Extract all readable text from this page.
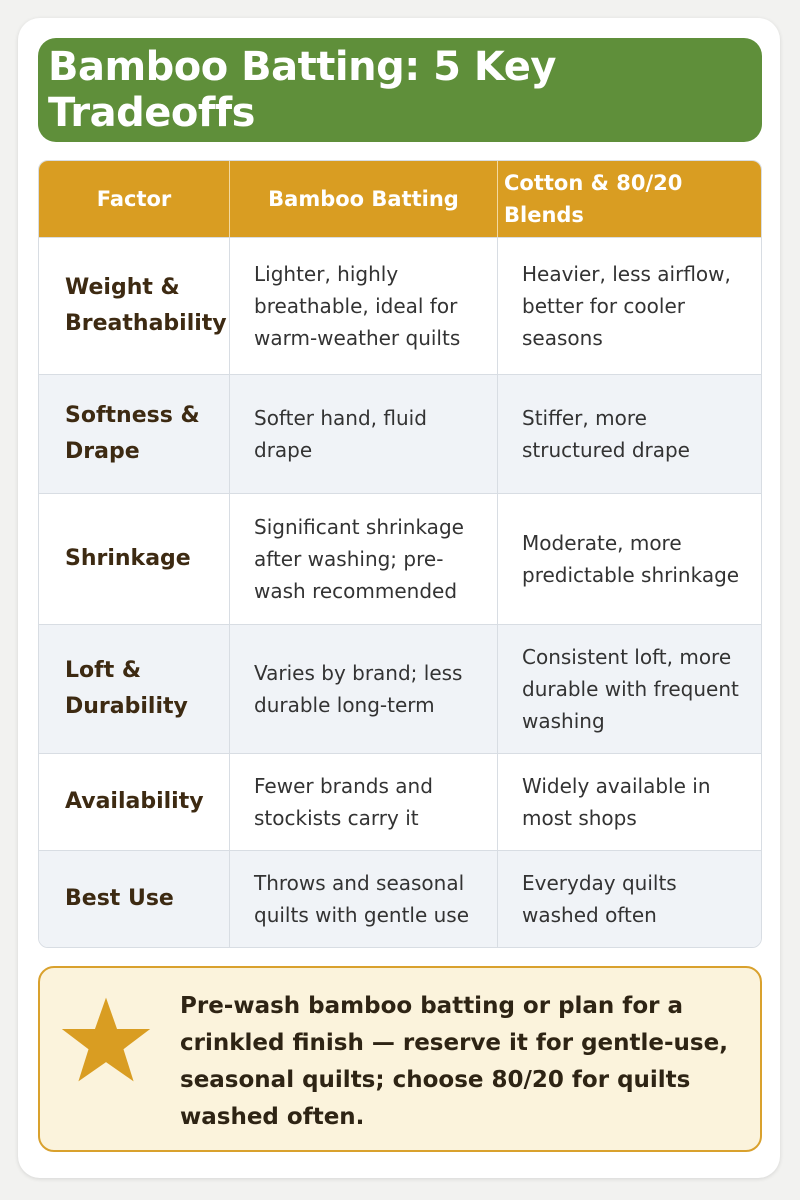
Bamboo Batting: 5 Key Tradeoffs
Factor	Bamboo Batting
Cotton & 80/20 Blends
Weight & Breathability
Lighter, highly breathable, ideal for warm-weather quilts
Heavier, less airflow, better for cooler seasons
Softness & Drape
Softer hand, fluid drape
Stiffer, more structured drape
Shrinkage
Significant shrinkage after washing; pre-wash recommended
Moderate, more predictable shrinkage
Loft & Durability
Varies by brand; less durable long-term
Consistent loft, more durable with frequent washing
Availability
Fewer brands and stockists carry it
Widely available in most shops
Best Use
Throws and seasonal quilts with gentle use
Everyday quilts washed often

Pre-wash bamboo batting or plan for a crinkled finish — reserve it for gentle-use, seasonal quilts; choose 80/20 for quilts washed often.
